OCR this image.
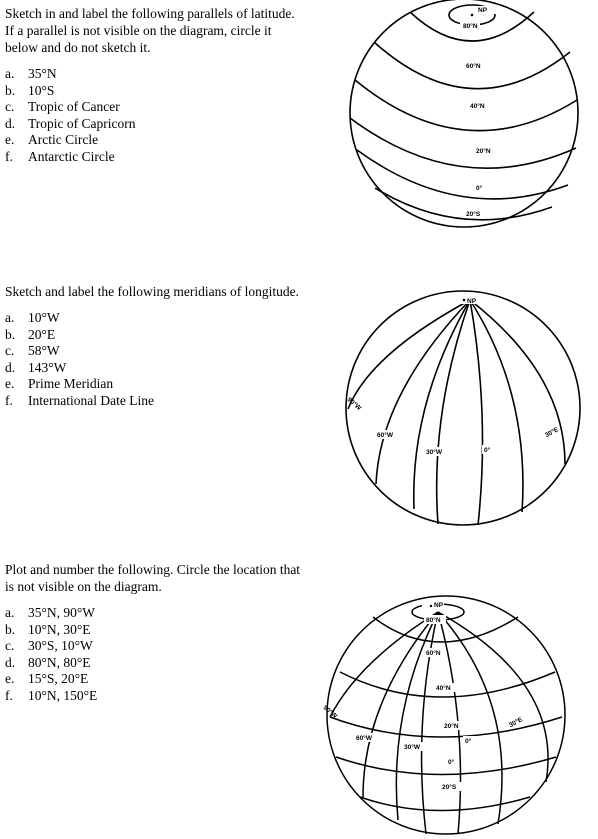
Sketch in and label the following parallels of latitude. If a parallel is not visible on the diagram, circle it below and do not sketch it.

a.	35°N
b. 10°S
c.	Tropic of Cancer
d. Tropic of Capricorn
e.	Arctic Circle
f.	Antarctic Circle
NP
80°N
60°N
40°N
20°N
0°
20°S

Sketch and label the following meridians of longitude.

a.	10°W
b. 20°E
c.	58°W
d. 143°W
e.	Prime Meridian
f.	International Date Line
NP
90°W
60°W
30°W	0°
30°E

Plot and number the following. Circle the location that is not visible on the diagram.

a.	35°N, 90°W
b. 10°N, 30°E
c.	30°S, 10°W
d. 80°N, 80°E
e.	15°S, 20°E
f.	10°N, 150°E
NP
80°N
60°N
40°N
20°N
0°
20°S
90°W
60°W
30°W
0°
30°E
